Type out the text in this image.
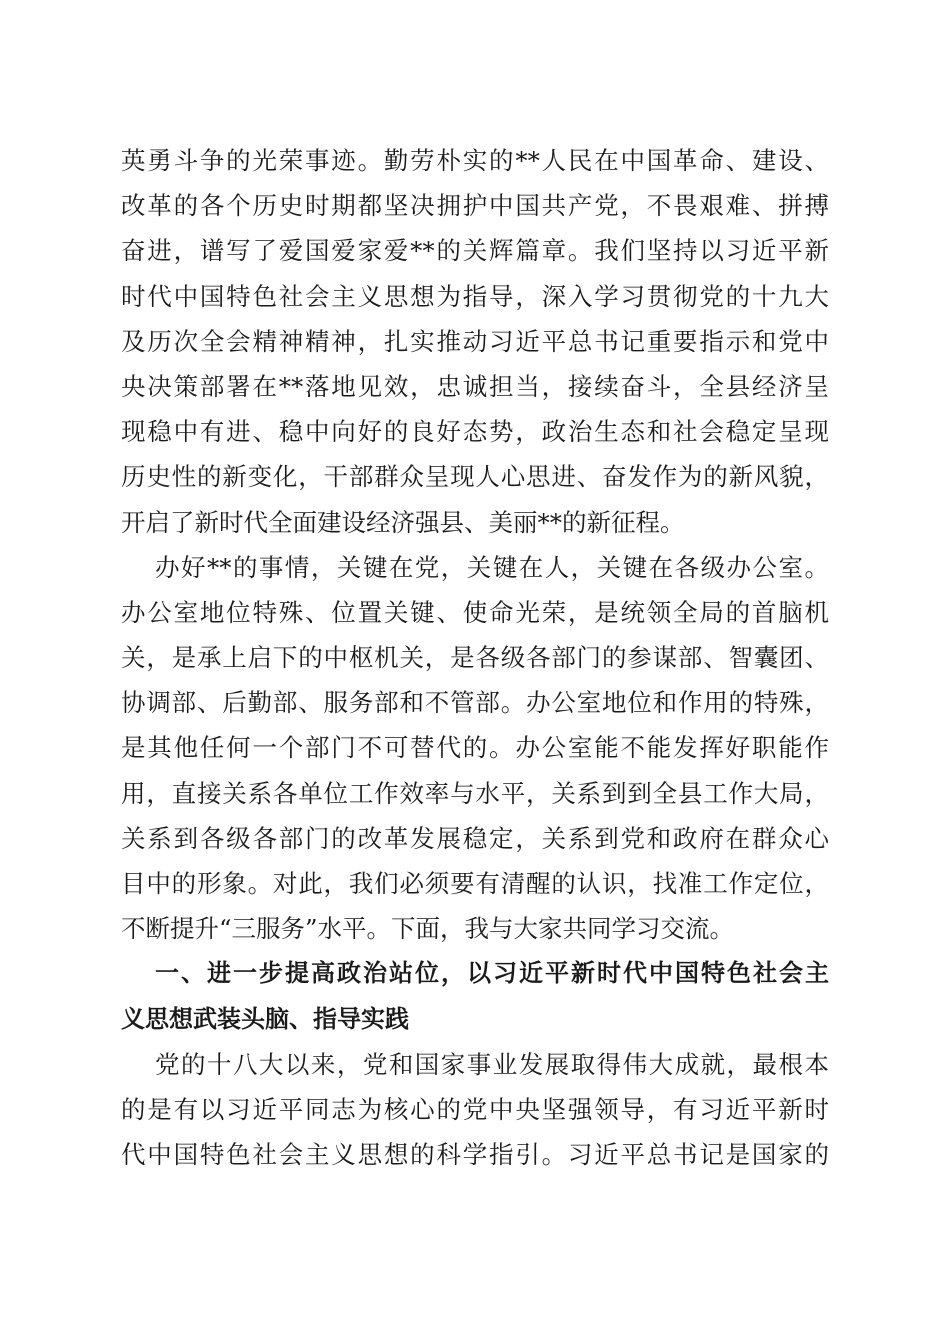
英勇斗争的光荣事迹。勤劳朴实的**人民在中国革命、建设、
改革的各个历史时期都坚决拥护中国共产党，不畏艰难、拼搏
奋进，谱写了爱国爱家爱**的关辉篇章。我们坚持以习近平新
时代中国特色社会主义思想为指导，深入学习贯彻党的十九大
及历次全会精神精神，扎实推动习近平总书记重要指示和党中
央决策部署在**落地见效，忠诚担当，接续奋斗，全县经济呈
现稳中有进、稳中向好的良好态势，政治生态和社会稳定呈现
历史性的新变化，干部群众呈现人心思进、奋发作为的新风貌，
开启了新时代全面建设经济强县、美丽**的新征程。
办好**的事情，关键在党，关键在人，关键在各级办公室。
办公室地位特殊、位置关键、使命光荣，是统领全局的首脑机
关，是承上启下的中枢机关，是各级各部门的参谋部、智囊团、
协调部、后勤部、服务部和不管部。办公室地位和作用的特殊，
是其他任何一个部门不可替代的。办公室能不能发挥好职能作
用，直接关系各单位工作效率与水平，关系到到全县工作大局，
关系到各级各部门的改革发展稳定，关系到党和政府在群众心
目中的形象。对此，我们必须要有清醒的认识，找准工作定位，
不断提升“三服务”水平。下面，我与大家共同学习交流。
一、进一步提高政治站位，以习近平新时代中国特色社会主
义思想武装头脑、指导实践
党的十八大以来，党和国家事业发展取得伟大成就，最根本
的是有以习近平同志为核心的党中央坚强领导，有习近平新时
代中国特色社会主义思想的科学指引。习近平总书记是国家的
